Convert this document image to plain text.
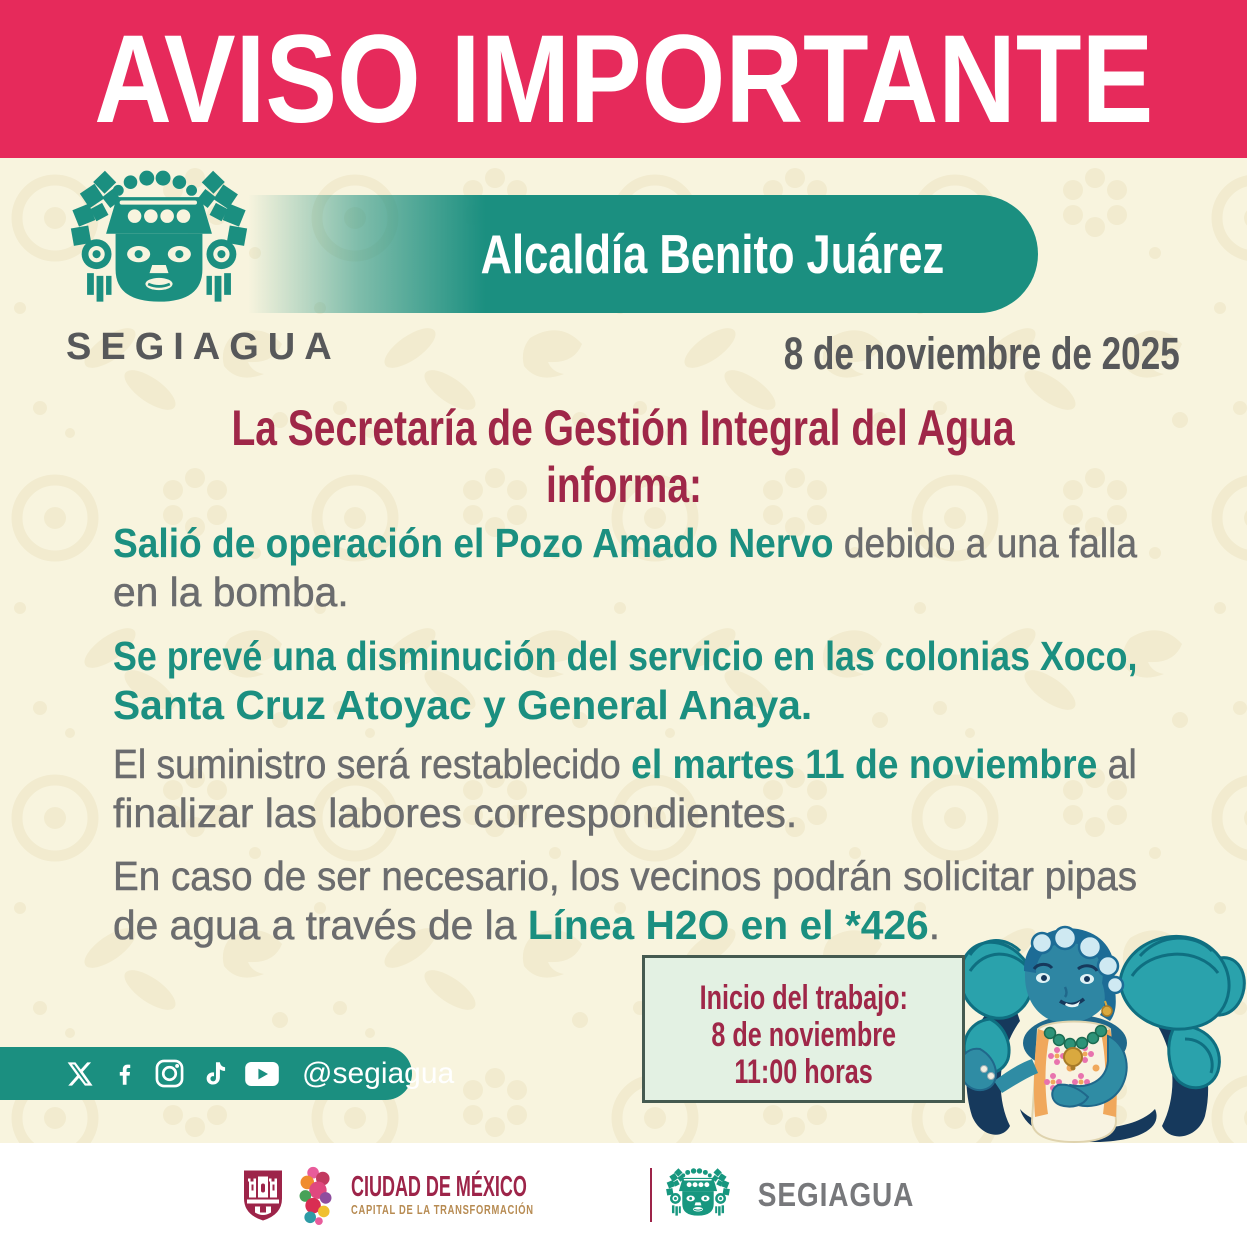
AVISO IMPORTANTE
SEGIAGUA
Alcaldía Benito Juárez
8 de noviembre de 2025
La Secretaría de Gestión Integral del Agua
informa:
Salió de operación el Pozo Amado Nervo debido a una falla
en la bomba.
Se prevé una disminución del servicio en las colonias Xoco,
Santa Cruz Atoyac y General Anaya.
El suministro será restablecido el martes 11 de noviembre al
finalizar las labores correspondientes.
En caso de ser necesario, los vecinos podrán solicitar pipas
de agua a través de la Línea H2O en el *426.
Inicio del trabajo:
8 de noviembre
11:00 horas
@segiagua
CIUDAD DE MÉXICO
CAPITAL DE LA TRANSFORMACIÓN	SEGIAGUA
